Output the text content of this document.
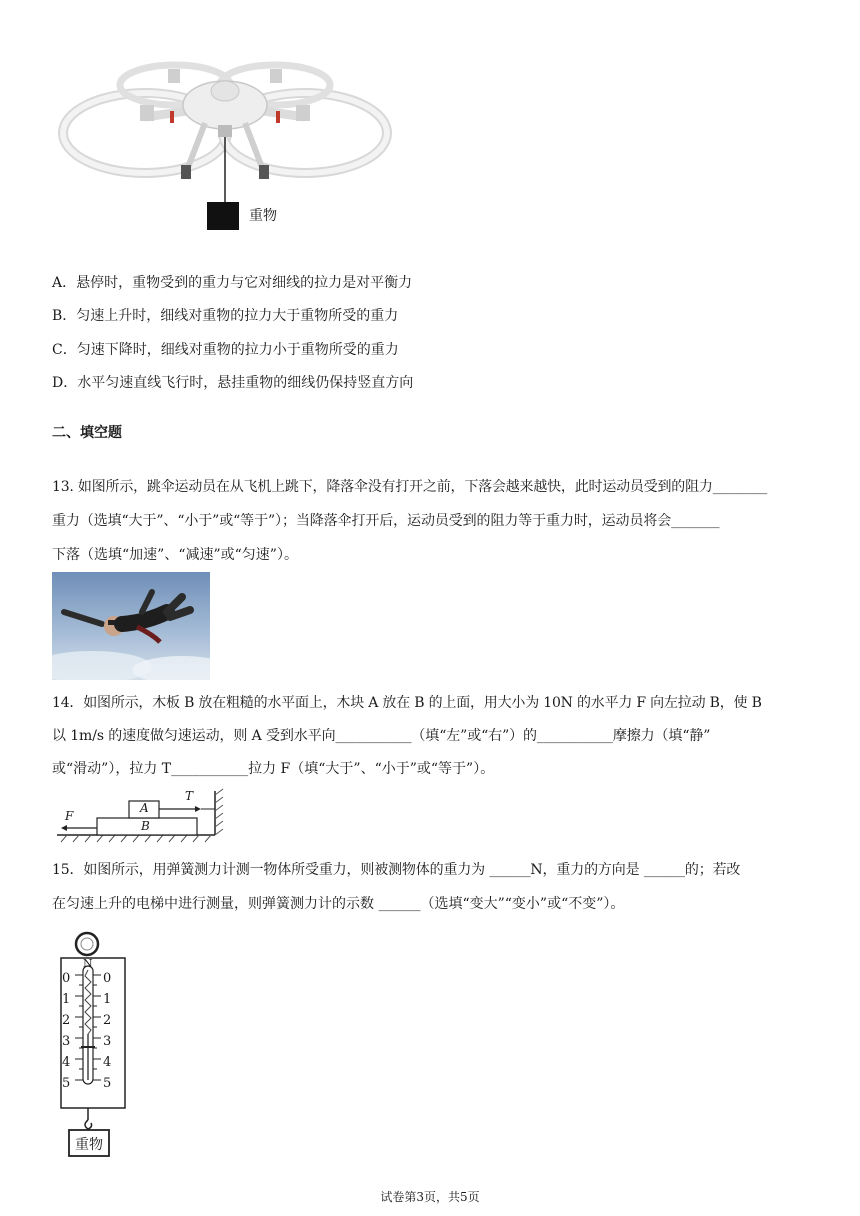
重物
A．悬停时，重物受到的重力与它对细线的拉力是对平衡力
B．匀速上升时，细线对重物的拉力大于重物所受的重力
C．匀速下降时，细线对重物的拉力小于重物所受的重力
D．水平匀速直线飞行时，悬挂重物的细线仍保持竖直方向
二、填空题
13. 如图所示，跳伞运动员在从飞机上跳下，降落伞没有打开之前，下落会越来越快，此时运动员受到的阻力________
重力（选填“大于”、“小于”或“等于”）；当降落伞打开后，运动员受到的阻力等于重力时，运动员将会_______
下落（选填“加速”、“减速”或“匀速”）。
14．如图所示，木板 B 放在粗糙的水平面上，木块 A 放在 B 的上面，用大小为 10N 的水平力 F 向左拉动 B，使 B
以 1m/s 的速度做匀速运动，则 A 受到水平向___________（填“左”或“右”）的___________摩擦力（填“静”
或“滑动”），拉力 T___________拉力 F（填“大于”、“小于”或“等于”）。
A
B
T
F
15．如图所示，用弹簧测力计测一物体所受重力，则被测物体的重力为 ______N，重力的方向是 ______的；若改
在匀速上升的电梯中进行测量，则弹簧测力计的示数 ______（选填“变大”“变小”或“不变”）。
N
0
1
2
3
4
5
0
1
2
3
4
5
重物
试卷第3页，共5页
